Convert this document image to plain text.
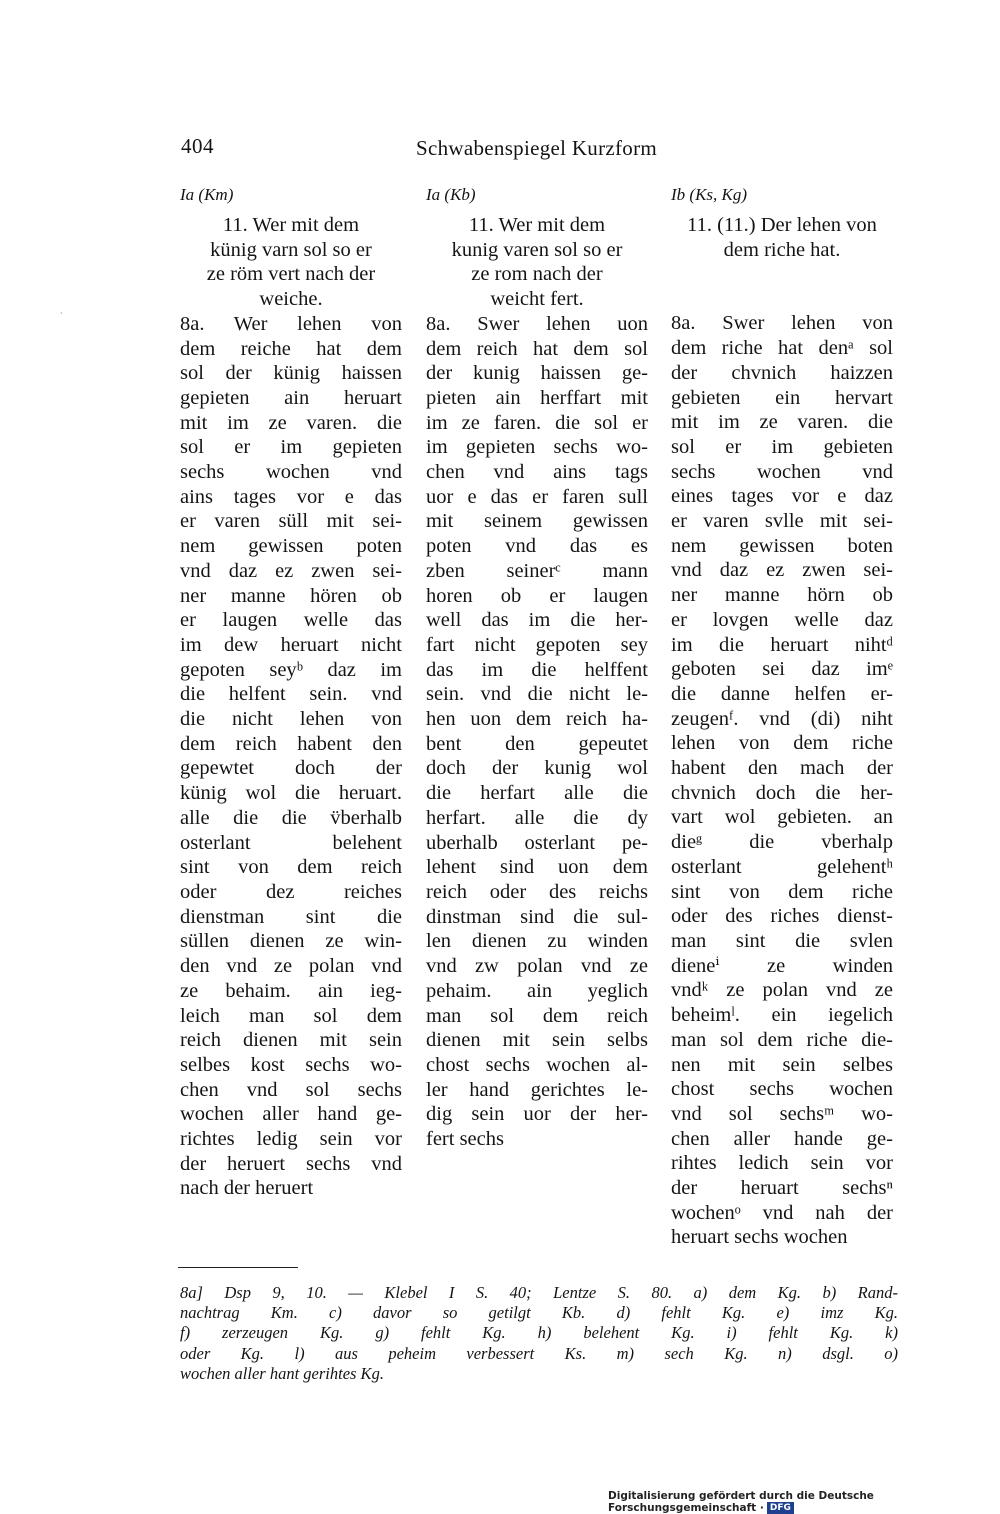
404	Schwabenspiegel Kurzform
ˎ
Ia (Km)
11. Wer mit dem
künig varn sol so er
ze röm vert nach der
weiche.
8a. Wer lehen von
dem reiche hat dem
sol der künig haissen
gepieten ain heruart
mit im ze varen. die
sol er im gepieten
sechs wochen vnd
ains tages vor e das
er varen süll mit sei-
nem gewissen poten
vnd daz ez zwen sei-
ner manne hören ob
er laugen welle das
im dew heruart nicht
gepoten seyᵇ daz im
die helfent sein. vnd
die nicht lehen von
dem reich habent den
gepewtet doch der
künig wol die heruart.
alle die die v̈berhalb
osterlant belehent
sint von dem reich
oder dez reiches
dienstman sint die
süllen dienen ze win-
den vnd ze polan vnd
ze behaim. ain ieg-
leich man sol dem
reich dienen mit sein
selbes kost sechs wo-
chen vnd sol sechs
wochen aller hand ge-
richtes ledig sein vor
der heruert sechs vnd
nach der heruert
Ia (Kb)
11. Wer mit dem
kunig varen sol so er
ze rom nach der
weicht fert.
8a. Swer lehen uon
dem reich hat dem sol
der kunig haissen ge-
pieten ain herffart mit
im ze faren. die sol er
im gepieten sechs wo-
chen vnd ains tags
uor e das er faren sull
mit seinem gewissen
poten vnd das es
zben seinerᶜ mann
horen ob er laugen
well das im die her-
fart nicht gepoten sey
das im die helffent
sein. vnd die nicht le-
hen uon dem reich ha-
bent den gepeutet
doch der kunig wol
die herfart alle die
herfart. alle die dy
uberhalb osterlant pe-
lehent sind uon dem
reich oder des reichs
dinstman sind die sul-
len dienen zu winden
vnd zw polan vnd ze
pehaim. ain yeglich
man sol dem reich
dienen mit sein selbs
chost sechs wochen al-
ler hand gerichtes le-
dig sein uor der her-
fert sechs
Ib (Ks, Kg)
11. (11.) Der lehen von
dem riche hat.
8a. Swer lehen von
dem riche hat denᵃ sol
der chvnich haizzen
gebieten ein hervart
mit im ze varen. die
sol er im gebieten
sechs wochen vnd
eines tages vor e daz
er varen svlle mit sei-
nem gewissen boten
vnd daz ez zwen sei-
ner manne hörn ob
er lovgen welle daz
im die heruart nihtᵈ
geboten sei daz imᵉ
die danne helfen er-
zeugenᶠ. vnd (di) niht
lehen von dem riche
habent den mach der
chvnich doch die her-
vart wol gebieten. an
dieᵍ die vberhalp
osterlant gelehentʰ
sint von dem riche
oder des riches dienst-
man sint die svlen
dieneⁱ ze winden
vndᵏ ze polan vnd ze
beheimˡ. ein iegelich
man sol dem riche die-
nen mit sein selbes
chost sechs wochen
vnd sol sechsᵐ wo-
chen aller hande ge-
rihtes ledich sein vor
der heruart sechsⁿ
wochenᵒ vnd nah der
heruart sechs wochen
8a] Dsp 9, 10. — Klebel I S. 40; Lentze S. 80. a) dem Kg. b) Rand-
nachtrag Km. c) davor so getilgt Kb. d) fehlt Kg. e) imz Kg.
f) zerzeugen Kg. g) fehlt Kg. h) belehent Kg. i) fehlt Kg. k)
oder Kg. l) aus peheim verbessert Ks. m) sech Kg. n) dsgl. o)
wochen aller hant gerihtes Kg.
Digitalisierung gefördert durch die Deutsche Forschungsgemeinschaft · DFG
